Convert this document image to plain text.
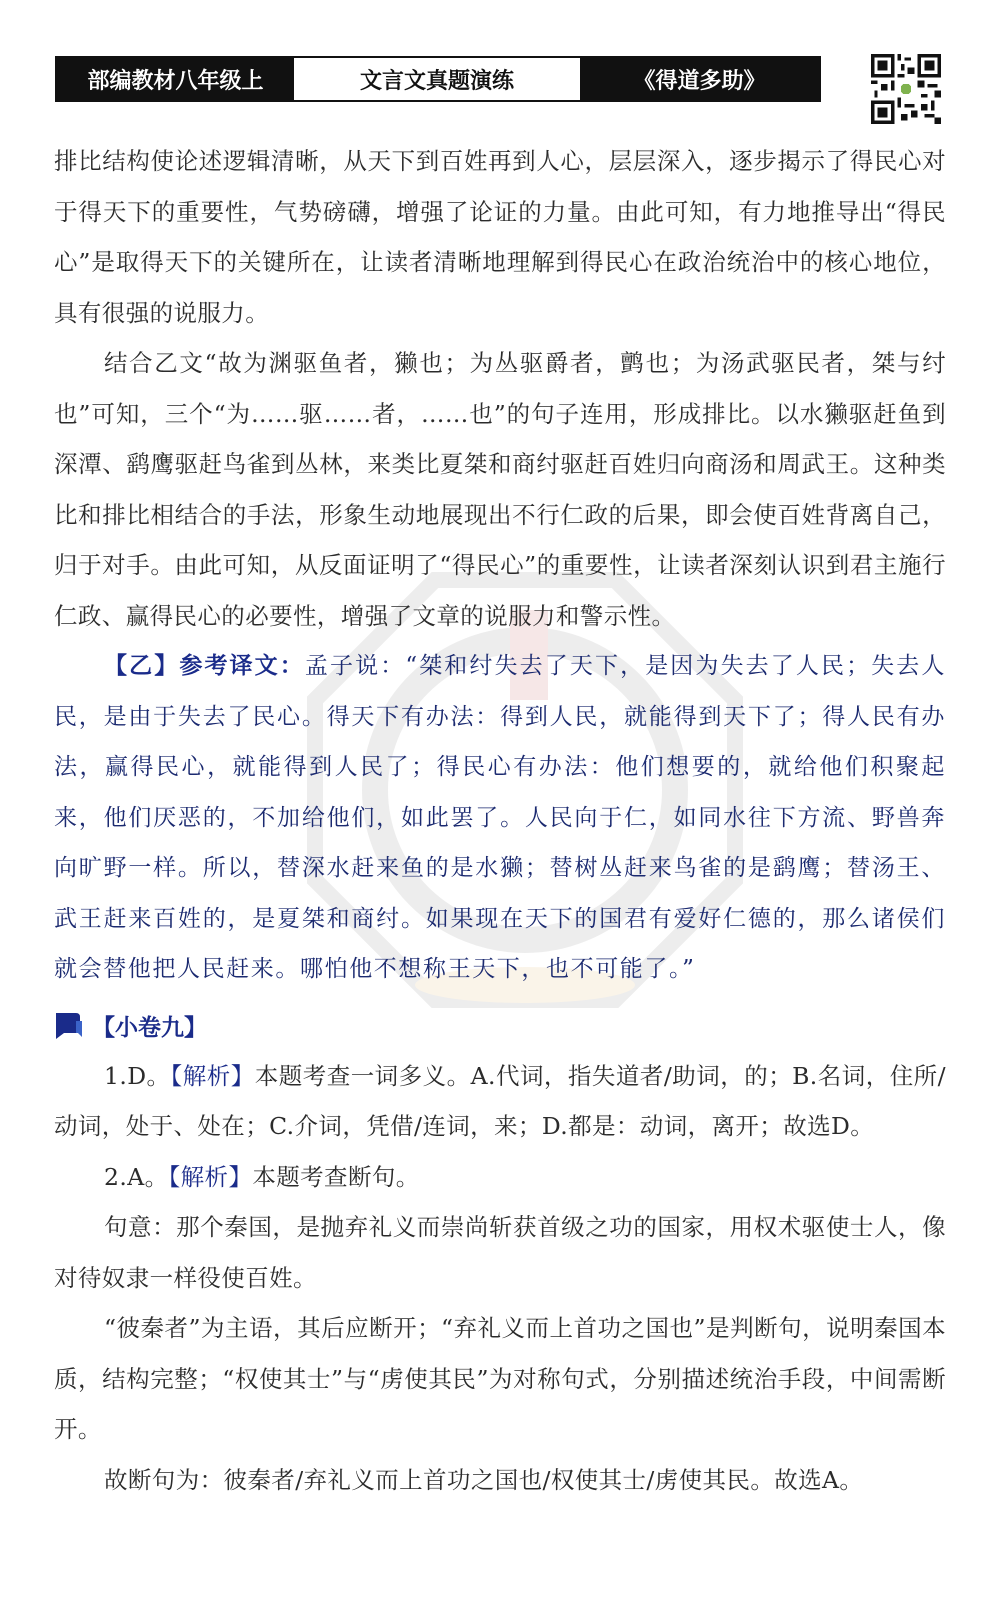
部编教材八年级上	文言文真题演练	《得道多助》

排比结构使论述逻辑清晰，从天下到百姓再到人心，层层深入，逐步揭示了得民心对于得天下的重要性，气势磅礴，增强了论证的力量。由此可知，有力地推导出“得民心”是取得天下的关键所在，让读者清晰地理解到得民心在政治统治中的核心地位，具有很强的说服力。

结合乙文“故为渊驱鱼者，獭也；为丛驱爵者，鹯也；为汤武驱民者，桀与纣也”可知，三个“为……驱……者，……也”的句子连用，形成排比。以水獭驱赶鱼到深潭、鹞鹰驱赶鸟雀到丛林，来类比夏桀和商纣驱赶百姓归向商汤和周武王。这种类比和排比相结合的手法，形象生动地展现出不行仁政的后果，即会使百姓背离自己，归于对手。由此可知，从反面证明了“得民心”的重要性，让读者深刻认识到君主施行仁政、赢得民心的必要性，增强了文章的说服力和警示性。

【乙】参考译文：孟子说：“桀和纣失去了天下，是因为失去了人民；失去人民，是由于失去了民心。得天下有办法：得到人民，就能得到天下了；得人民有办法，赢得民心，就能得到人民了；得民心有办法：他们想要的，就给他们积聚起来，他们厌恶的，不加给他们，如此罢了。人民向于仁，如同水往下方流、野兽奔向旷野一样。所以，替深水赶来鱼的是水獭；替树丛赶来鸟雀的是鹞鹰；替汤王、武王赶来百姓的，是夏桀和商纣。如果现在天下的国君有爱好仁德的，那么诸侯们就会替他把人民赶来。哪怕他不想称王天下，也不可能了。”

【小卷九】

1.D。【解析】本题考查一词多义。A.代词，指失道者/助词，的；B.名词，住所/动词，处于、处在；C.介词，凭借/连词，来；D.都是：动词，离开；故选D。

2.A。【解析】本题考查断句。

句意：那个秦国，是抛弃礼义而崇尚斩获首级之功的国家，用权术驱使士人，像对待奴隶一样役使百姓。

“彼秦者”为主语，其后应断开；“弃礼义而上首功之国也”是判断句，说明秦国本质，结构完整；“权使其士”与“虏使其民”为对称句式，分别描述统治手段，中间需断开。

故断句为：彼秦者/弃礼义而上首功之国也/权使其士/虏使其民。故选A。
